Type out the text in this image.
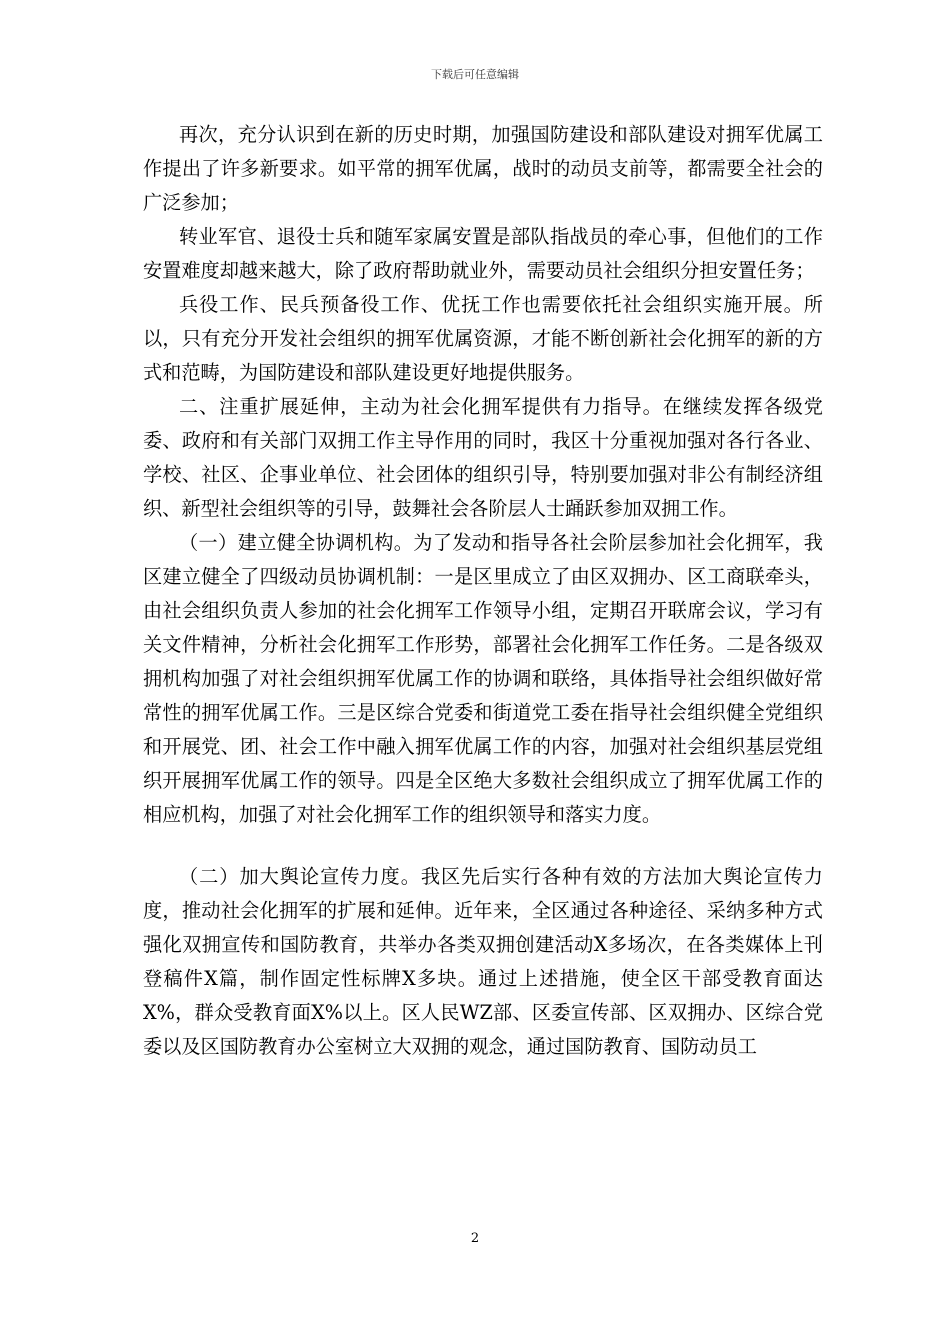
下载后可任意编辑

再次，充分认识到在新的历史时期，加强国防建设和部队建设对拥军优属工作提出了许多新要求。如平常的拥军优属，战时的动员支前等，都需要全社会的广泛参加；

转业军官、退役士兵和随军家属安置是部队指战员的牵心事，但他们的工作安置难度却越来越大，除了政府帮助就业外，需要动员社会组织分担安置任务；

兵役工作、民兵预备役工作、优抚工作也需要依托社会组织实施开展。所以，只有充分开发社会组织的拥军优属资源，才能不断创新社会化拥军的新的方式和范畴，为国防建设和部队建设更好地提供服务。

二、注重扩展延伸，主动为社会化拥军提供有力指导。在继续发挥各级党委、政府和有关部门双拥工作主导作用的同时，我区十分重视加强对各行各业、学校、社区、企事业单位、社会团体的组织引导，特别要加强对非公有制经济组织、新型社会组织等的引导，鼓舞社会各阶层人士踊跃参加双拥工作。

（一）建立健全协调机构。为了发动和指导各社会阶层参加社会化拥军，我区建立健全了四级动员协调机制：一是区里成立了由区双拥办、区工商联牵头，由社会组织负责人参加的社会化拥军工作领导小组，定期召开联席会议，学习有关文件精神，分析社会化拥军工作形势，部署社会化拥军工作任务。二是各级双拥机构加强了对社会组织拥军优属工作的协调和联络，具体指导社会组织做好常常性的拥军优属工作。三是区综合党委和街道党工委在指导社会组织健全党组织和开展党、团、社会工作中融入拥军优属工作的内容，加强对社会组织基层党组织开展拥军优属工作的领导。四是全区绝大多数社会组织成立了拥军优属工作的相应机构，加强了对社会化拥军工作的组织领导和落实力度。

（二）加大舆论宣传力度。我区先后实行各种有效的方法加大舆论宣传力度，推动社会化拥军的扩展和延伸。近年来，全区通过各种途径、采纳多种方式强化双拥宣传和国防教育，共举办各类双拥创建活动X多场次，在各类媒体上刊登稿件X篇，制作固定性标牌X多块。通过上述措施，使全区干部受教育面达X%，群众受教育面X%以上。区人民WZ部、区委宣传部、区双拥办、区综合党委以及区国防教育办公室树立大双拥的观念，通过国防教育、国防动员工

2
